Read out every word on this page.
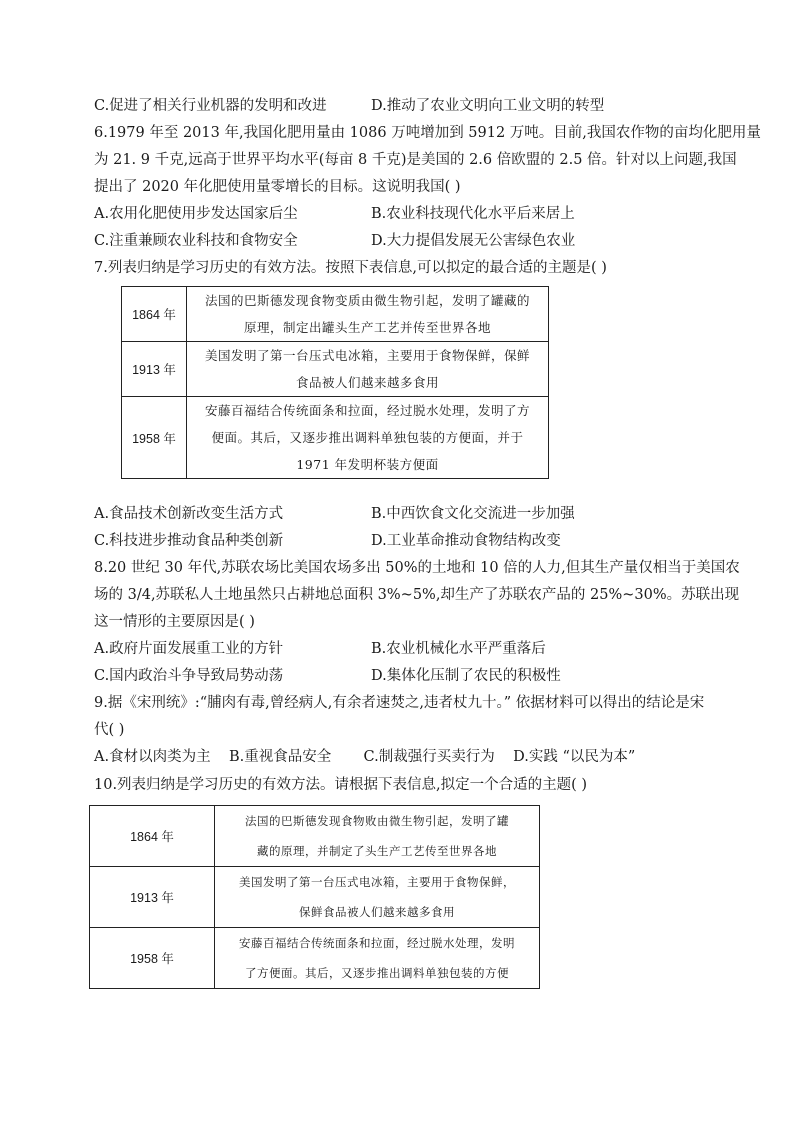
C.促进了相关行业机器的发明和改进	D.推动了农业文明向工业文明的转型
6.1979 年至 2013 年,我国化肥用量由 1086 万吨增加到 5912 万吨。目前,我国农作物的亩均化肥用量
为 21. 9 千克,远高于世界平均水平(每亩 8 千克)是美国的 2.6 倍欧盟的 2.5 倍。针对以上问题,我国
提出了 2020 年化肥使用量零增长的目标。这说明我国( )
A.农用化肥使用步发达国家后尘	B.农业科技现代化水平后来居上
C.注重兼顾农业科技和食物安全	D.大力提倡发展无公害绿色农业
7.列表归纳是学习历史的有效方法。按照下表信息,可以拟定的最合适的主题是( )
1864 年	法国的巴斯德发现食物变质由微生物引起，发明了罐藏的
原理，制定出罐头生产工艺并传至世界各地

1913 年	美国发明了第一台压式电冰箱，主要用于食物保鲜，保鲜
食品被人们越来越多食用

1958 年	安藤百福结合传统面条和拉面，经过脱水处理，发明了方
便面。其后，又逐步推出调料单独包装的方便面，并于
1971 年发明杯装方便面
A.食品技术创新改变生活方式	B.中西饮食文化交流进一步加强
C.科技进步推动食品种类创新	D.工业革命推动食物结构改变
8.20 世纪 30 年代,苏联农场比美国农场多出 50%的土地和 10 倍的人力,但其生产量仅相当于美国农
场的 3/4,苏联私人土地虽然只占耕地总面积 3%~5%,却生产了苏联农产品的 25%~30%。苏联出现
这一情形的主要原因是( )
A.政府片面发展重工业的方针	B.农业机械化水平严重落后
C.国内政治斗争导致局势动荡	D.集体化压制了农民的积极性
9.据《宋刑统》:“脯肉有毒,曾经病人,有余者速焚之,违者杖九十。” 依据材料可以得出的结论是宋
代( )
A.食材以肉类为主    B.重视食品安全       C.制裁强行买卖行为    D.实践 “以民为本”
10.列表归纳是学习历史的有效方法。请根据下表信息,拟定一个合适的主题( )
1864 年	法国的巴斯德发现食物败由微生物引起，发明了罐
藏的原理，并制定了头生产工艺传至世界各地

1913 年	美国发明了第一台压式电冰箱，主要用于食物保鲜，
保鲜食品被人们越来越多食用

1958 年	安藤百福结合传统面条和拉面，经过脱水处理，发明
了方便面。其后，又逐步推出调料单独包装的方便
